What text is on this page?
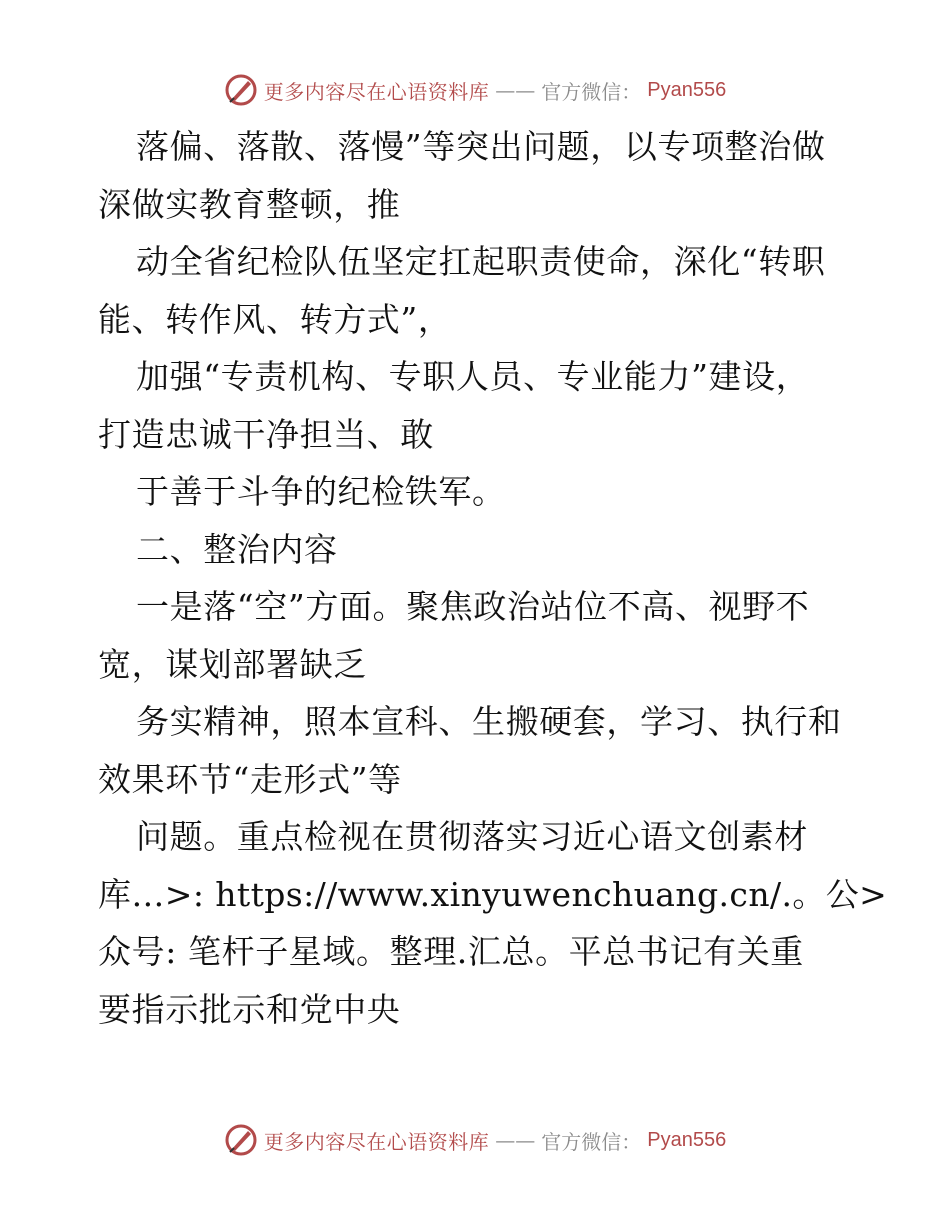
更多内容尽在心语资料库 —— 官方微信： Pyan556
落偏、落散、落慢”等突出问题，以专项整治做
深做实教育整顿，推
动全省纪检队伍坚定扛起职责使命，深化“转职
能、转作风、转方式”，
加强“专责机构、专职人员、专业能力”建设，
打造忠诚干净担当、敢
于善于斗争的纪检铁军。
二、整治内容
一是落“空”方面。聚焦政治站位不高、视野不
宽，谋划部署缺乏
务实精神，照本宣科、生搬硬套，学习、执行和
效果环节“走形式”等
问题。重点检视在贯彻落实习近心语文创素材
库…>: https://www.xinyuwenchuang.cn/.。公>
众号: 笔杆子星域。整理.汇总。平总书记有关重
要指示批示和党中央
更多内容尽在心语资料库 —— 官方微信： Pyan556
